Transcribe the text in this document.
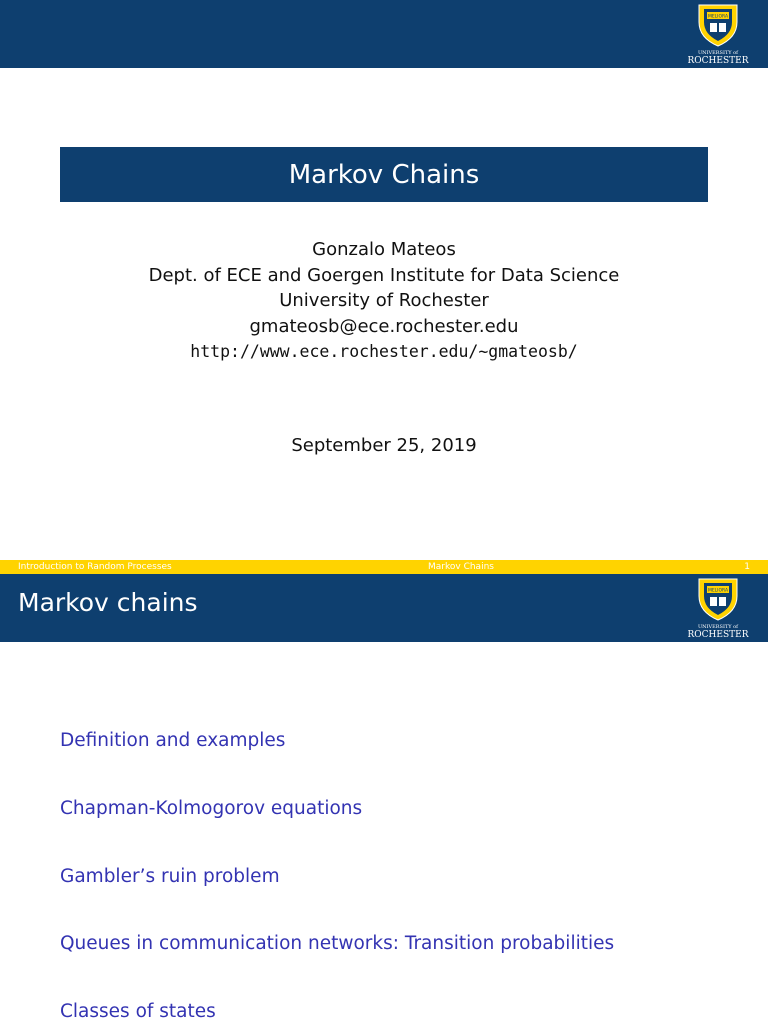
MELIORA
UNIVERSITY of
ROCHESTER
Markov Chains
Gonzalo Mateos
Dept. of ECE and Goergen Institute for Data Science
University of Rochester
gmateosb@ece.rochester.edu
http://www.ece.rochester.edu/~gmateosb/
September 25, 2019
Introduction to Random Processes	Markov Chains	1
Markov chains	MELIORA
UNIVERSITY of
ROCHESTER
Definition and examples
Chapman-Kolmogorov equations
Gambler’s ruin problem
Queues in communication networks: Transition probabilities
Classes of states
